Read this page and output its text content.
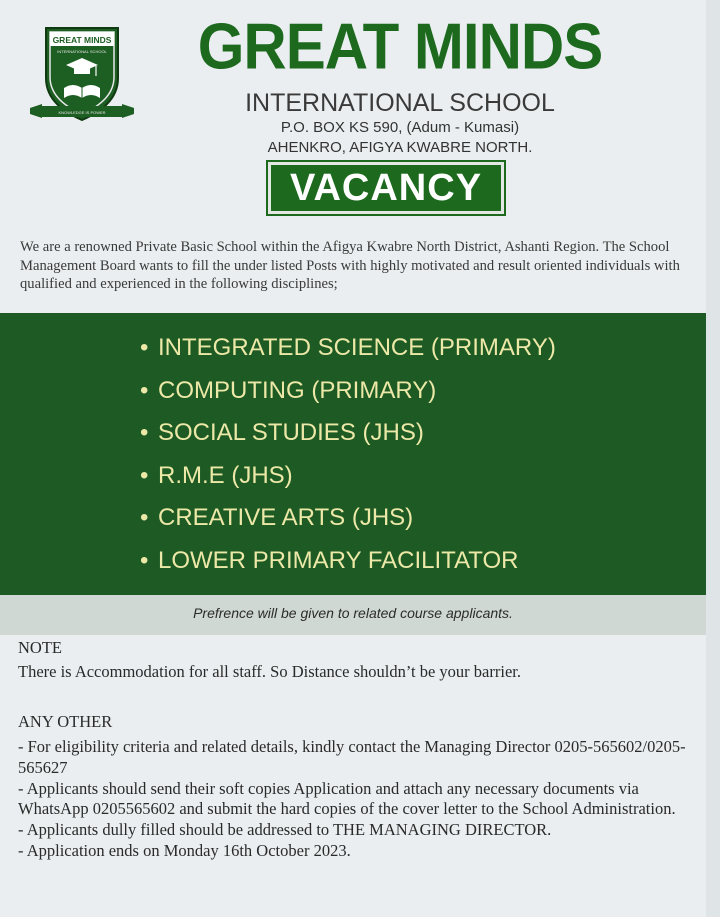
GREAT MINDS
INTERNATIONAL SCHOOL
KNOWLEDGE IS POWER
GREAT MINDS
INTERNATIONAL SCHOOL
P.O. BOX KS 590, (Adum - Kumasi)
AHENKRO, AFIGYA KWABRE NORTH.
VACANCY
We are a renowned Private Basic School within the Afigya Kwabre North District, Ashanti Region. The School Management Board wants to fill the under listed Posts with highly motivated and result oriented individuals with qualified and experienced in the following disciplines;
• INTEGRATED SCIENCE (PRIMARY)
• COMPUTING (PRIMARY)
• SOCIAL STUDIES (JHS)
• R.M.E (JHS)
• CREATIVE ARTS (JHS)
• LOWER PRIMARY FACILITATOR
Prefrence will be given to related course applicants.
NOTE
There is Accommodation for all staff. So Distance shouldn’t be your barrier.
ANY OTHER
- For eligibility criteria and related details, kindly contact the Managing Director 0205-565602/0205-565627
- Applicants should send their soft copies Application and attach any necessary documents via WhatsApp 0205565602 and submit the hard copies of the cover letter to the School Administration.
- Applicants dully filled should be addressed to THE MANAGING DIRECTOR.
- Application ends on Monday 16th October 2023.
